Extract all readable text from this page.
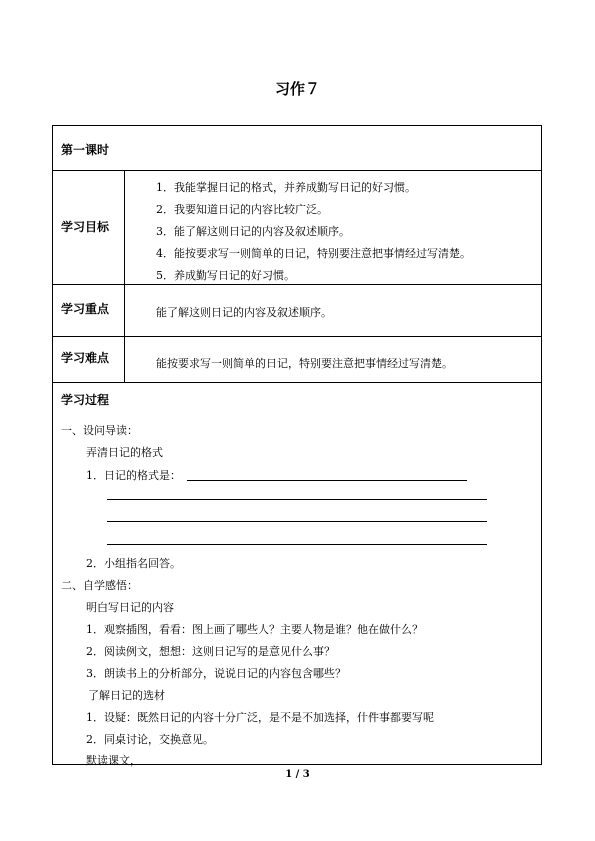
习作７
第一课时
学习目标
1．我能掌握日记的格式，并养成勤写日记的好习惯。
2．我要知道日记的内容比较广泛。
3．能了解这则日记的内容及叙述顺序。
4．能按要求写一则简单的日记，特别要注意把事情经过写清楚。
5．养成勤写日记的好习惯。
学习重点	能了解这则日记的内容及叙述顺序。
学习难点	能按要求写一则简单的日记，特别要注意把事情经过写清楚。
学习过程
一、设问导读：
弄清日记的格式
1．日记的格式是：
2．小组指名回答。
二、自学感悟：
明白写日记的内容
1．观察插图，看看：图上画了哪些人？主要人物是谁？他在做什么？
2．阅读例文，想想：这则日记写的是意见什么事？
3．朗读书上的分析部分，说说日记的内容包含哪些？
了解日记的选材
1．设疑：既然日记的内容十分广泛，是不是不加选择，什件事都要写呢
2．同桌讨论，交换意见。
默读课文，
1 / 3
